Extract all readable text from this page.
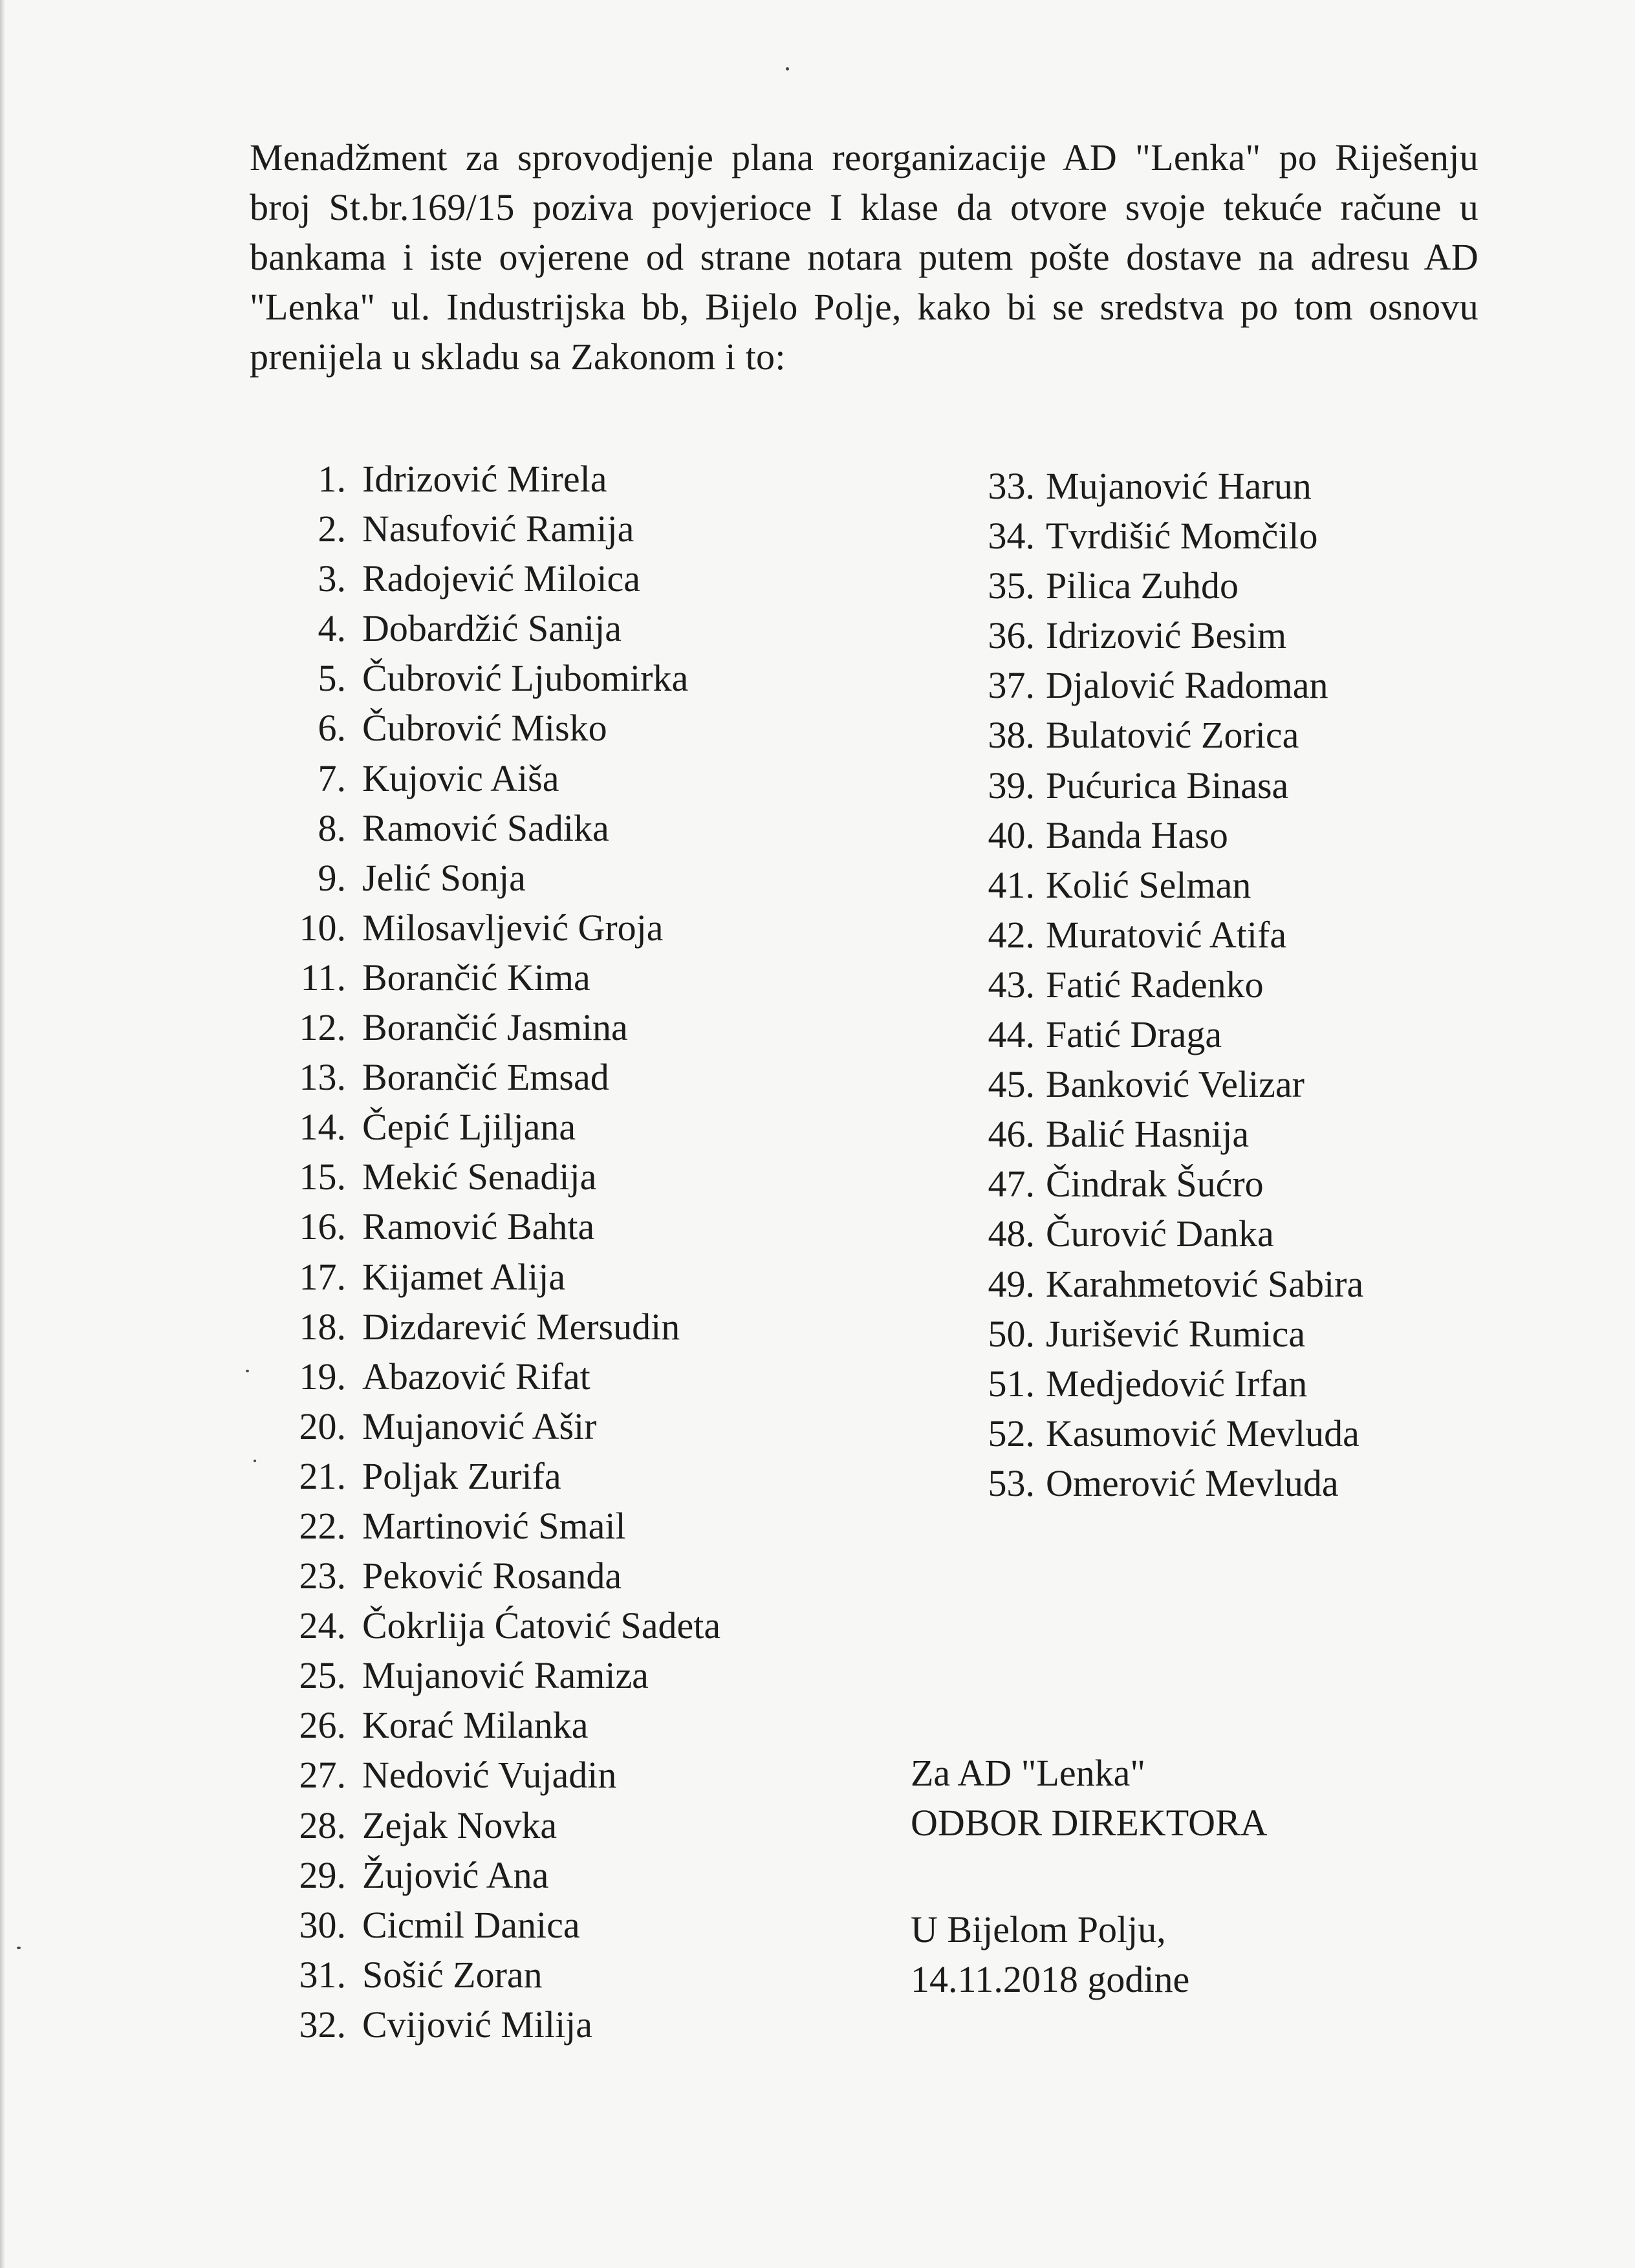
Menadžment za sprovodjenje plana reorganizacije AD "Lenka" po Riješenju broj St.br.169/15 poziva povjerioce I klase da otvore svoje tekuće račune u bankama i iste ovjerene od strane notara putem pošte dostave na adresu AD "Lenka" ul. Industrijska bb, Bijelo Polje, kako bi se sredstva po tom osnovu prenijela u skladu sa Zakonom i to:
1. Idrizović Mirela
2. Nasufović Ramija
3. Radojević Miloica
4. Dobardžić Sanija
5. Čubrović Ljubomirka
6. Čubrović Misko
7. Kujovic Aiša
8. Ramović Sadika
9. Jelić Sonja
10. Milosavljević Groja
11. Borančić Kima
12. Borančić Jasmina
13. Borančić Emsad
14. Čepić Ljiljana
15. Mekić Senadija
16. Ramović Bahta
17. Kijamet Alija
18. Dizdarević Mersudin
19. Abazović Rifat
20. Mujanović Ašir
21. Poljak Zurifa
22. Martinović Smail
23. Peković Rosanda
24. Čokrlija Ćatović Sadeta
25. Mujanović Ramiza
26. Korać Milanka
27. Nedović Vujadin
28. Zejak Novka
29. Žujović Ana
30. Cicmil Danica
31. Sošić Zoran
32. Cvijović Milija
33. Mujanović Harun
34. Tvrdišić Momčilo
35. Pilica Zuhdo
36. Idrizović Besim
37. Djalović Radoman
38. Bulatović Zorica
39. Pućurica Binasa
40. Banda Haso
41. Kolić Selman
42. Muratović Atifa
43. Fatić Radenko
44. Fatić Draga
45. Banković Velizar
46. Balić Hasnija
47. Čindrak Šućro
48. Čurović Danka
49. Karahmetović Sabira
50. Jurišević Rumica
51. Medjedović Irfan
52. Kasumović Mevluda
53. Omerović Mevluda
Za AD "Lenka"
ODBOR DIREKTORA
U Bijelom Polju,
14.11.2018 godine
